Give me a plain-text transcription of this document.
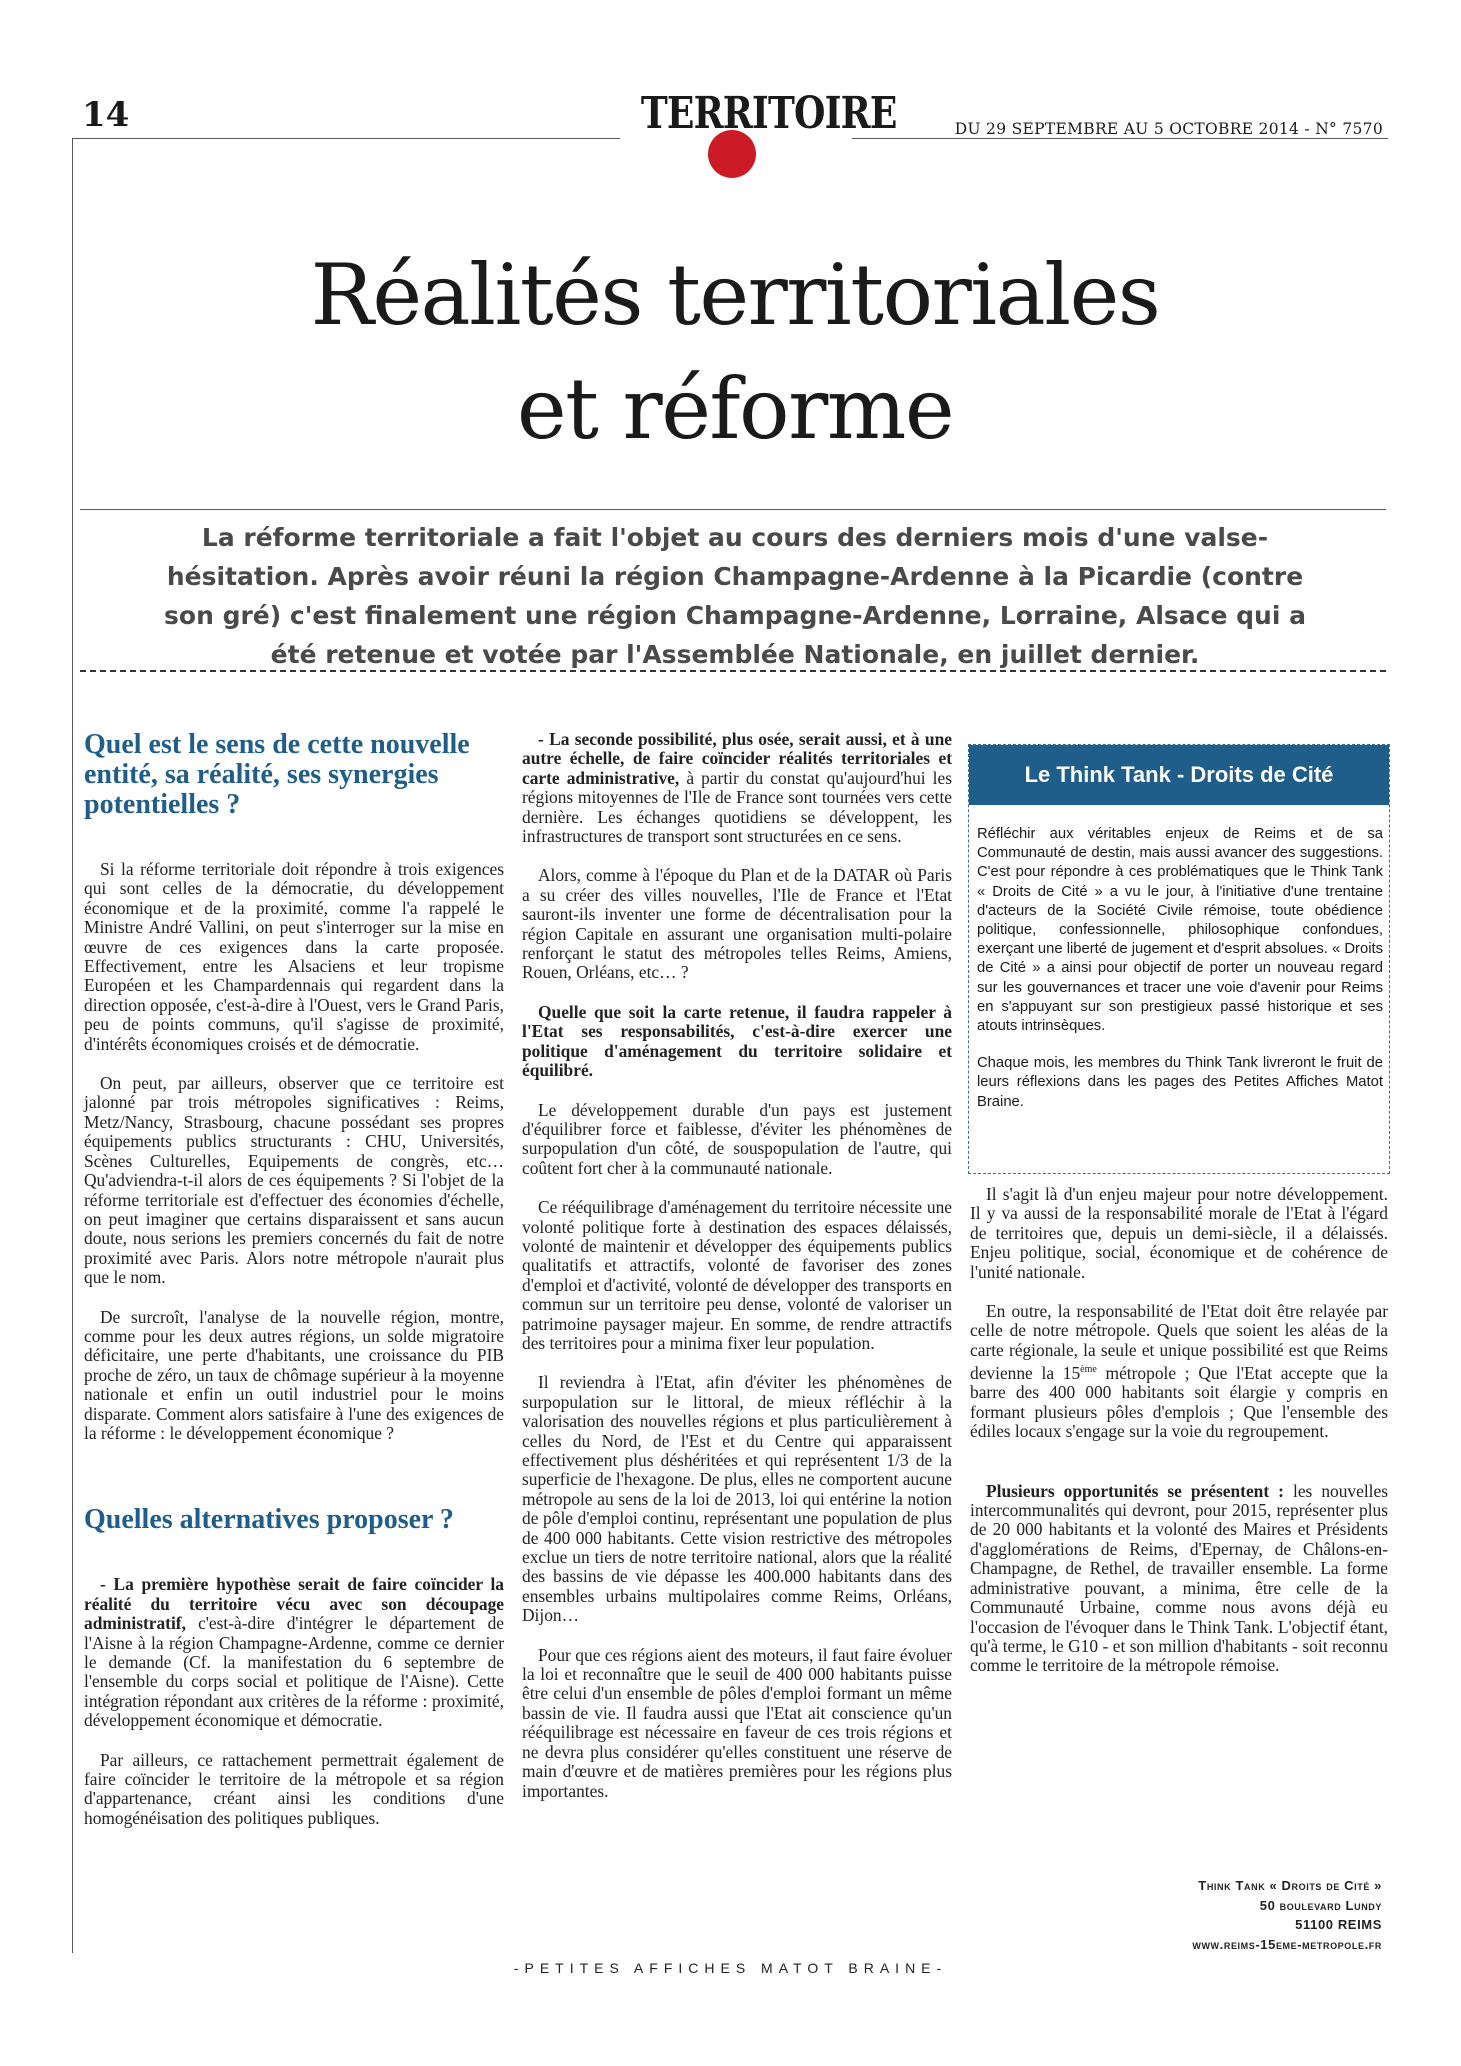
14	TERRITOIRE	DU 29 SEPTEMBRE AU 5 OCTOBRE 2014 - N° 7570
Réalités territoriales
et réforme
La réforme territoriale a fait l'objet au cours des derniers mois d'une valse-hésitation. Après avoir réuni la région Champagne-Ardenne à la Picardie (contre son gré) c'est finalement une région Champagne-Ardenne, Lorraine, Alsace qui a été retenue et votée par l'Assemblée Nationale, en juillet dernier.
Quel est le sens de cette nouvelle entité, sa réalité, ses synergies potentielles ?

Si la réforme territoriale doit répondre à trois exigences qui sont celles de la démocratie, du développement économique et de la proximité, comme l'a rappelé le Ministre André Vallini, on peut s'interroger sur la mise en œuvre de ces exigences dans la carte proposée. Effectivement, entre les Alsaciens et leur tropisme Européen et les Champardennais qui regardent dans la direction opposée, c'est-à-dire à l'Ouest, vers le Grand Paris, peu de points communs, qu'il s'agisse de proximité, d'intérêts économiques croisés et de démocratie.

On peut, par ailleurs, observer que ce territoire est jalonné par trois métropoles significatives : Reims, Metz/Nancy, Strasbourg, chacune possédant ses propres équipements publics structurants : CHU, Universités, Scènes Culturelles, Equipements de congrès, etc… Qu'adviendra-t-il alors de ces équipements ? Si l'objet de la réforme territoriale est d'effectuer des économies d'échelle, on peut imaginer que certains disparaissent et sans aucun doute, nous serions les premiers concernés du fait de notre proximité avec Paris. Alors notre métropole n'aurait plus que le nom.

De surcroît, l'analyse de la nouvelle région, montre, comme pour les deux autres régions, un solde migratoire déficitaire, une perte d'habitants, une croissance du PIB proche de zéro, un taux de chômage supérieur à la moyenne nationale et enfin un outil industriel pour le moins disparate. Comment alors satisfaire à l'une des exigences de la réforme : le développement économique ?

Quelles alternatives proposer ?

- La première hypothèse serait de faire coïncider la réalité du territoire vécu avec son découpage administratif, c'est-à-dire d'intégrer le département de l'Aisne à la région Champagne-Ardenne, comme ce dernier le demande (Cf. la manifestation du 6 septembre de l'ensemble du corps social et politique de l'Aisne). Cette intégration répondant aux critères de la réforme : proximité, développement économique et démocratie.

Par ailleurs, ce rattachement permettrait également de faire coïncider le territoire de la métropole et sa région d'appartenance, créant ainsi les conditions d'une homogénéisation des politiques publiques.

- La seconde possibilité, plus osée, serait aussi, et à une autre échelle, de faire coïncider réalités territoriales et carte administrative, à partir du constat qu'aujourd'hui les régions mitoyennes de l'Ile de France sont tournées vers cette dernière. Les échanges quotidiens se développent, les infrastructures de transport sont structurées en ce sens.

Alors, comme à l'époque du Plan et de la DATAR où Paris a su créer des villes nouvelles, l'Ile de France et l'Etat sauront-ils inventer une forme de décentralisation pour la région Capitale en assurant une organisation multi-polaire renforçant le statut des métropoles telles Reims, Amiens, Rouen, Orléans, etc… ?

Quelle que soit la carte retenue, il faudra rappeler à l'Etat ses responsabilités, c'est-à-dire exercer une politique d'aménagement du territoire solidaire et équilibré.

Le développement durable d'un pays est justement d'équilibrer force et faiblesse, d'éviter les phénomènes de surpopulation d'un côté, de souspopulation de l'autre, qui coûtent fort cher à la communauté nationale.

Ce rééquilibrage d'aménagement du territoire nécessite une volonté politique forte à destination des espaces délaissés, volonté de maintenir et développer des équipements publics qualitatifs et attractifs, volonté de favoriser des zones d'emploi et d'activité, volonté de développer des transports en commun sur un territoire peu dense, volonté de valoriser un patrimoine paysager majeur. En somme, de rendre attractifs des territoires pour a minima fixer leur population.

Il reviendra à l'Etat, afin d'éviter les phénomènes de surpopulation sur le littoral, de mieux réfléchir à la valorisation des nouvelles régions et plus particulièrement à celles du Nord, de l'Est et du Centre qui apparaissent effectivement plus déshéritées et qui représentent 1/3 de la superficie de l'hexagone. De plus, elles ne comportent aucune métropole au sens de la loi de 2013, loi qui entérine la notion de pôle d'emploi continu, représentant une population de plus de 400 000 habitants. Cette vision restrictive des métropoles exclue un tiers de notre territoire national, alors que la réalité des bassins de vie dépasse les 400.000 habitants dans des ensembles urbains multipolaires comme Reims, Orléans, Dijon…

Pour que ces régions aient des moteurs, il faut faire évoluer la loi et reconnaître que le seuil de 400 000 habitants puisse être celui d'un ensemble de pôles d'emploi formant un même bassin de vie. Il faudra aussi que l'Etat ait conscience qu'un rééquilibrage est nécessaire en faveur de ces trois régions et ne devra plus considérer qu'elles constituent une réserve de main d'œuvre et de matières premières pour les régions plus importantes.

Le Think Tank - Droits de Cité

Réfléchir aux véritables enjeux de Reims et de sa Communauté de destin, mais aussi avancer des suggestions. C'est pour répondre à ces problématiques que le Think Tank « Droits de Cité » a vu le jour, à l'initiative d'une trentaine d'acteurs de la Société Civile rémoise, toute obédience politique, confessionnelle, philosophique confondues, exerçant une liberté de jugement et d'esprit absolues. « Droits de Cité » a ainsi pour objectif de porter un nouveau regard sur les gouvernances et tracer une voie d'avenir pour Reims en s'appuyant sur son prestigieux passé historique et ses atouts intrinsèques.

Chaque mois, les membres du Think Tank livreront le fruit de leurs réflexions dans les pages des Petites Affiches Matot Braine.

Il s'agit là d'un enjeu majeur pour notre développement. Il y va aussi de la responsabilité morale de l'Etat à l'égard de territoires que, depuis un demi-siècle, il a délaissés. Enjeu politique, social, économique et de cohérence de l'unité nationale.

En outre, la responsabilité de l'Etat doit être relayée par celle de notre métropole. Quels que soient les aléas de la carte régionale, la seule et unique possibilité est que Reims devienne la 15ème métropole ; Que l'Etat accepte que la barre des 400 000 habitants soit élargie y compris en formant plusieurs pôles d'emplois ; Que l'ensemble des édiles locaux s'engage sur la voie du regroupement.

Plusieurs opportunités se présentent : les nouvelles intercommunalités qui devront, pour 2015, représenter plus de 20 000 habitants et la volonté des Maires et Présidents d'agglomérations de Reims, d'Epernay, de Châlons-en-Champagne, de Rethel, de travailler ensemble. La forme administrative pouvant, a minima, être celle de la Communauté Urbaine, comme nous avons déjà eu l'occasion de l'évoquer dans le Think Tank. L'objectif étant, qu'à terme, le G10 - et son million d'habitants - soit reconnu comme le territoire de la métropole rémoise.

Think Tank « Droits de Cité »
50 boulevard Lundy
51100 REIMS
www.reims-15eme-metropole.fr
-PETITES AFFICHES MATOT BRAINE-
